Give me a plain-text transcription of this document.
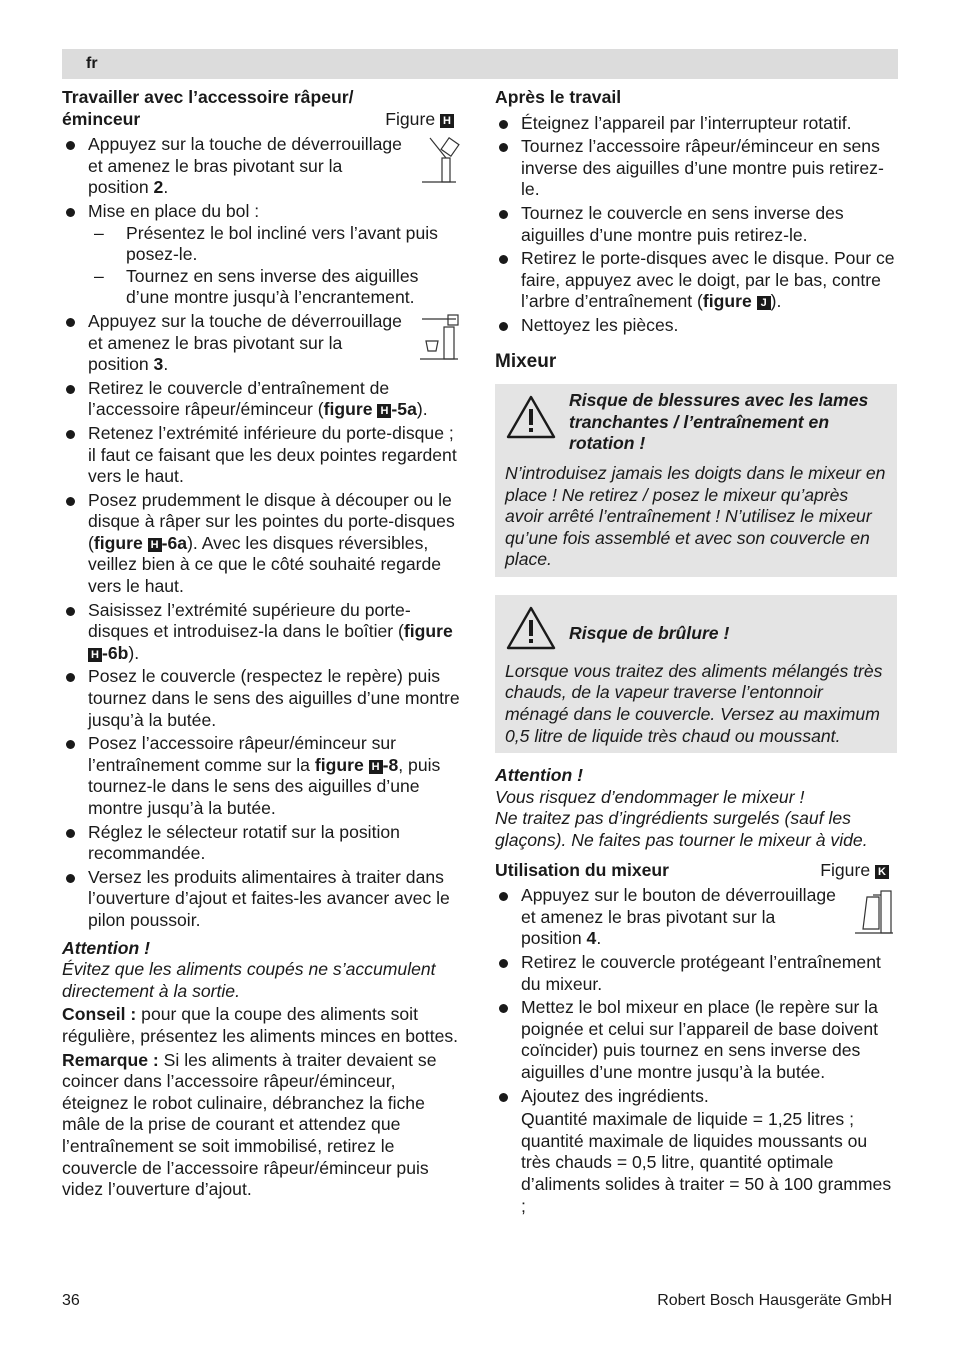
fr
Travailler avec l’accessoire râpeur/
éminceur	Figure H
Appuyez sur la touche de déverrouillage et amenez le bras pivotant sur la position 2.
Mise en place du bol :
– Présentez le bol incliné vers l’avant puis posez-le.
– Tournez en sens inverse des aiguilles d’une montre jusqu’à l’encrantement.
Appuyez sur la touche de déverrouillage et amenez le bras pivotant sur la position 3.
Retirez le couvercle d’entraînement de l’accessoire râpeur/éminceur (figure H -5a).
Retenez l’extrémité inférieure du porte-disque ; il faut ce faisant que les deux pointes regardent vers le haut.
Posez prudemment le disque à découper ou le disque à râper sur les pointes du porte-disques (figure H -6a). Avec les disques réversibles, veillez bien à ce que le côté souhaité regarde vers le haut.
Saisissez l’extrémité supérieure du porte-disques et introduisez-la dans le boîtier (figure H -6b).
Posez le couvercle (respectez le repère) puis tournez dans le sens des aiguilles d’une montre jusqu’à la butée.
Posez l’accessoire râpeur/éminceur sur l’entraînement comme sur la figure H -8, puis tournez-le dans le sens des aiguilles d’une montre jusqu’à la butée.
Réglez le sélecteur rotatif sur la position recommandée.
Versez les produits alimentaires à traiter dans l’ouverture d’ajout et faites-les avancer avec le pilon poussoir.
Attention !
Évitez que les aliments coupés ne s’accumulent directement à la sortie.
Conseil : pour que la coupe des aliments soit régulière, présentez les aliments minces en bottes.
Remarque : Si les aliments à traiter devaient se coincer dans l’accessoire râpeur/éminceur, éteignez le robot culinaire, débranchez la fiche mâle de la prise de courant et attendez que l’entraînement se soit immobilisé, retirez le couvercle de l’accessoire râpeur/éminceur puis videz l’ouverture d’ajout.
Après le travail
Éteignez l’appareil par l’interrupteur rotatif.
Tournez l’accessoire râpeur/éminceur en sens inverse des aiguilles d’une montre puis retirez-le.
Tournez le couvercle en sens inverse des aiguilles d’une montre puis retirez-le.
Retirez le porte-disques avec le disque. Pour ce faire, appuyez avec le doigt, par le bas, contre l’arbre d’entraînement (figure J ).
Nettoyez les pièces.
Mixeur
Risque de blessures avec les lames tranchantes / l’entraînement en rotation !
N’introduisez jamais les doigts dans le mixeur en place ! Ne retirez / posez le mixeur qu’après avoir arrêté l’entraînement ! N’utilisez le mixeur qu’une fois assemblé et avec son couvercle en place.
Risque de brûlure !
Lorsque vous traitez des aliments mélangés très chauds, de la vapeur traverse l’entonnoir ménagé dans le couvercle. Versez au maximum 0,5 litre de liquide très chaud ou moussant.
Attention !
Vous risquez d’endommager le mixeur !
Ne traitez pas d’ingrédients surgelés (sauf les glaçons). Ne faites pas tourner le mixeur à vide.
Utilisation du mixeur	Figure K
Appuyez sur le bouton de déverrouillage et amenez le bras pivotant sur la position 4.
Retirez le couvercle protégeant l’entraînement du mixeur.
Mettez le bol mixeur en place (le repère sur la poignée et celui sur l’appareil de base doivent coïncider) puis tournez en sens inverse des aiguilles d’une montre jusqu’à la butée.
Ajoutez des ingrédients.
Quantité maximale de liquide = 1,25 litres ; quantité maximale de liquides moussants ou très chauds = 0,5 litre, quantité optimale d’aliments solides à traiter = 50 à 100 grammes ;
36	Robert Bosch Hausgeräte GmbH
